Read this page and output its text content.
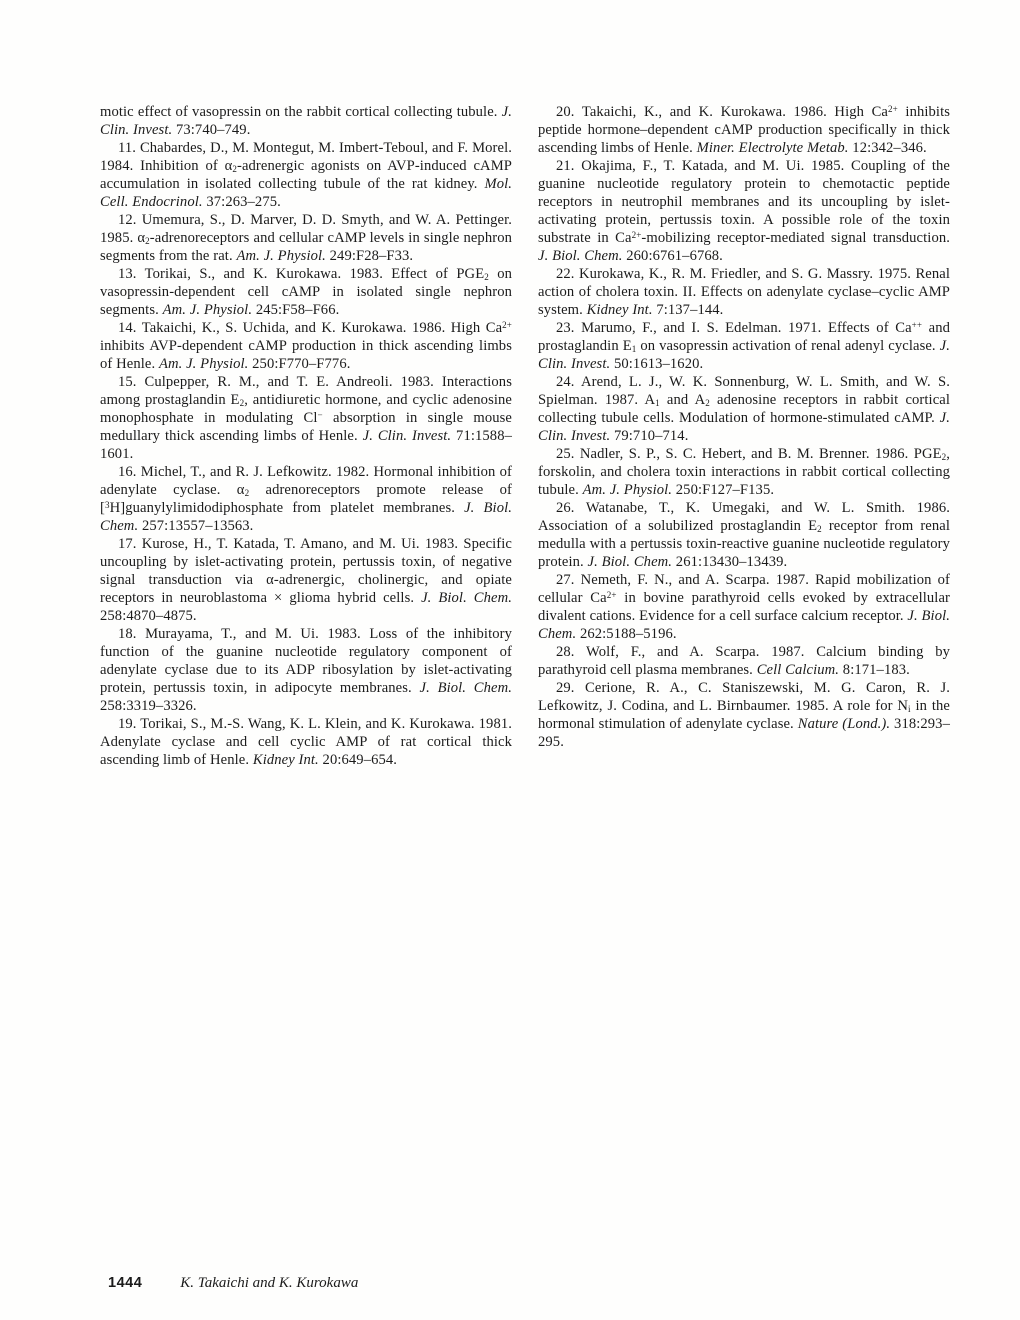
motic effect of vasopressin on the rabbit cortical collecting tubule. J. Clin. Invest. 73:740–749.

11. Chabardes, D., M. Montegut, M. Imbert-Teboul, and F. Morel. 1984. Inhibition of $\alpha_2$-adrenergic agonists on AVP-induced cAMP accumulation in isolated collecting tubule of the rat kidney. Mol. Cell. Endocrinol. 37:263–275.

12. Umemura, S., D. Marver, D. D. Smyth, and W. A. Pettinger. 1985. $\alpha_2$-adrenoreceptors and cellular cAMP levels in single nephron segments from the rat. Am. J. Physiol. 249:F28–F33.

13. Torikai, S., and K. Kurokawa. 1983. Effect of $PGE_2$ on vasopressin-dependent cell cAMP in isolated single nephron segments. Am. J. Physiol. 245:F58–F66.

14. Takaichi, K., S. Uchida, and K. Kurokawa. 1986. High $Ca^{2+}$ inhibits AVP-dependent cAMP production in thick ascending limbs of Henle. Am. J. Physiol. 250:F770–F776.

15. Culpepper, R. M., and T. E. Andreoli. 1983. Interactions among prostaglandin $E_2$, antidiuretic hormone, and cyclic adenosine monophosphate in modulating Cl− absorption in single mouse medullary thick ascending limbs of Henle. J. Clin. Invest. 71:1588–1601.

16. Michel, T., and R. J. Lefkowitz. 1982. Hormonal inhibition of adenylate cyclase. $\alpha_2$ adrenoreceptors promote release of [$^3$H]guanylylimidodiphosphate from platelet membranes. J. Biol. Chem. 257:13557–13563.

17. Kurose, H., T. Katada, T. Amano, and M. Ui. 1983. Specific uncoupling by islet-activating protein, pertussis toxin, of negative signal transduction via α-adrenergic, cholinergic, and opiate receptors in neuroblastoma × glioma hybrid cells. J. Biol. Chem. 258:4870–4875.

18. Murayama, T., and M. Ui. 1983. Loss of the inhibitory function of the guanine nucleotide regulatory component of adenylate cyclase due to its ADP ribosylation by islet-activating protein, pertussis toxin, in adipocyte membranes. J. Biol. Chem. 258:3319–3326.

19. Torikai, S., M.-S. Wang, K. L. Klein, and K. Kurokawa. 1981. Adenylate cyclase and cell cyclic AMP of rat cortical thick ascending limb of Henle. Kidney Int. 20:649–654.

20. Takaichi, K., and K. Kurokawa. 1986. High $Ca^{2+}$ inhibits peptide hormone–dependent cAMP production specifically in thick ascending limbs of Henle. Miner. Electrolyte Metab. 12:342–346.

21. Okajima, F., T. Katada, and M. Ui. 1985. Coupling of the guanine nucleotide regulatory protein to chemotactic peptide receptors in neutrophil membranes and its uncoupling by islet-activating protein, pertussis toxin. A possible role of the toxin substrate in $Ca^{2+}$-mobilizing receptor-mediated signal transduction. J. Biol. Chem. 260:6761–6768.

22. Kurokawa, K., R. M. Friedler, and S. G. Massry. 1975. Renal action of cholera toxin. II. Effects on adenylate cyclase–cyclic AMP system. Kidney Int. 7:137–144.

23. Marumo, F., and I. S. Edelman. 1971. Effects of Ca++ and prostaglandin $E_1$ on vasopressin activation of renal adenyl cyclase. J. Clin. Invest. 50:1613–1620.

24. Arend, L. J., W. K. Sonnenburg, W. L. Smith, and W. S. Spielman. 1987. $A_1$ and $A_2$ adenosine receptors in rabbit cortical collecting tubule cells. Modulation of hormone-stimulated cAMP. J. Clin. Invest. 79:710–714.

25. Nadler, S. P., S. C. Hebert, and B. M. Brenner. 1986. $PGE_2$, forskolin, and cholera toxin interactions in rabbit cortical collecting tubule. Am. J. Physiol. 250:F127–F135.

26. Watanabe, T., K. Umegaki, and W. L. Smith. 1986. Association of a solubilized prostaglandin $E_2$ receptor from renal medulla with a pertussis toxin-reactive guanine nucleotide regulatory protein. J. Biol. Chem. 261:13430–13439.

27. Nemeth, F. N., and A. Scarpa. 1987. Rapid mobilization of cellular $Ca^{2+}$ in bovine parathyroid cells evoked by extracellular divalent cations. Evidence for a cell surface calcium receptor. J. Biol. Chem. 262:5188–5196.

28. Wolf, F., and A. Scarpa. 1987. Calcium binding by parathyroid cell plasma membranes. Cell Calcium. 8:171–183.

29. Cerione, R. A., C. Staniszewski, M. G. Caron, R. J. Lefkowitz, J. Codina, and L. Birnbaumer. 1985. A role for $N_i$ in the hormonal stimulation of adenylate cyclase. Nature (Lond.). 318:293–295.

1444	K. Takaichi and K. Kurokawa
